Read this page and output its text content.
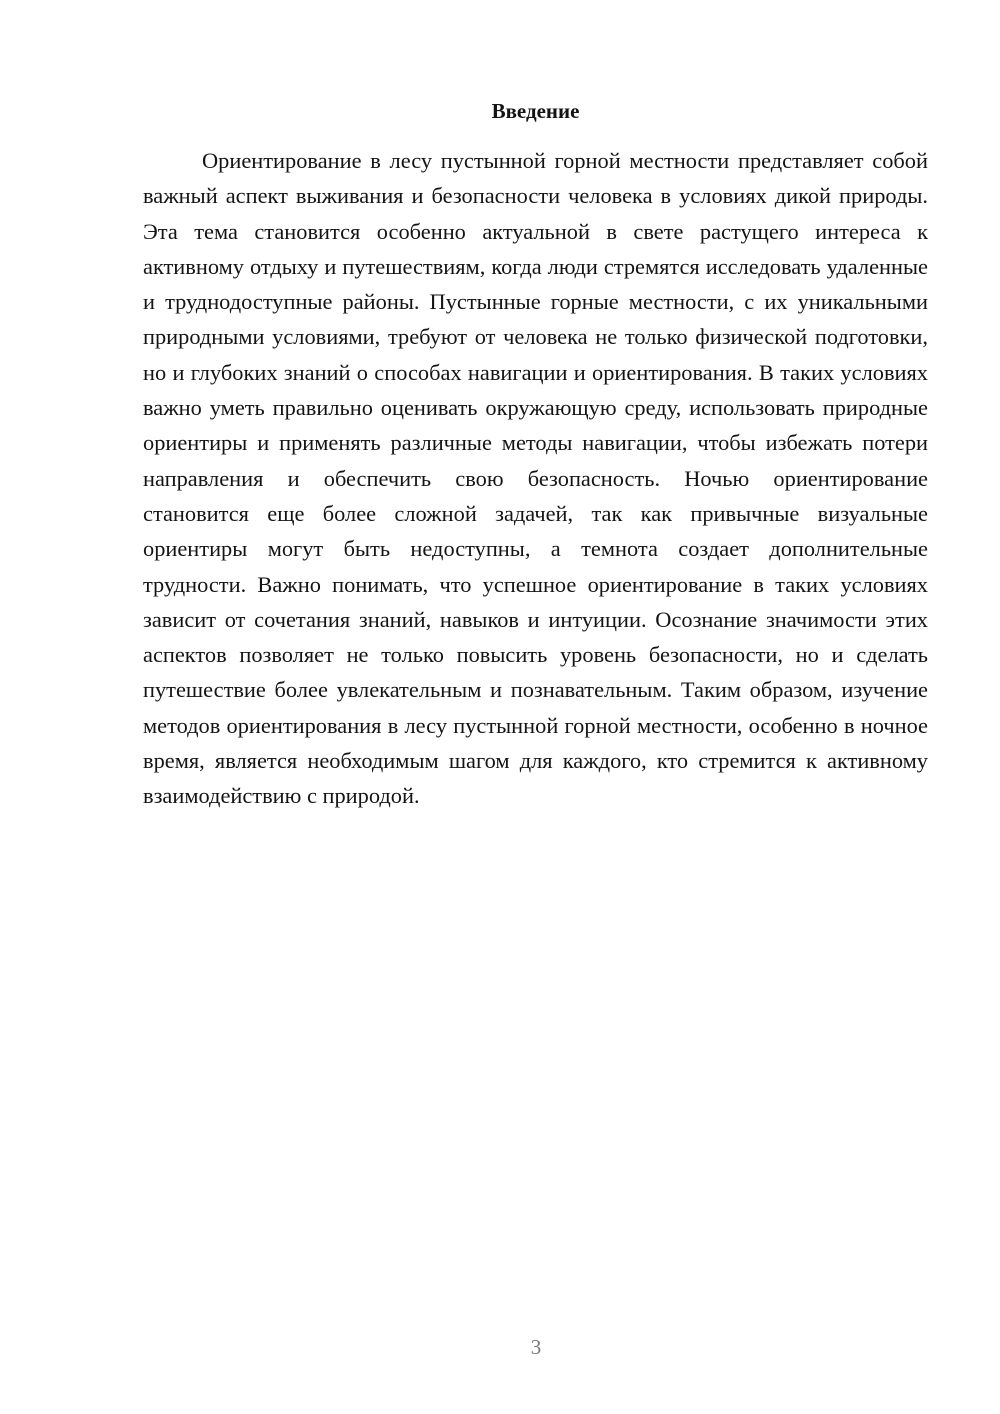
Введение

Ориентирование в лесу пустынной горной местности представляет собой важный аспект выживания и безопасности человека в условиях дикой природы. Эта тема становится особенно актуальной в свете растущего интереса к активному отдыху и путешествиям, когда люди стремятся исследовать удаленные и труднодоступные районы. Пустынные горные местности, с их уникальными природными условиями, требуют от человека не только физической подготовки, но и глубоких знаний о способах навигации и ориентирования. В таких условиях важно уметь правильно оценивать окружающую среду, использовать природные ориентиры и применять различные методы навигации, чтобы избежать потери направления и обеспечить свою безопасность. Ночью ориентирование становится еще более сложной задачей, так как привычные визуальные ориентиры могут быть недоступны, а темнота создает дополнительные трудности. Важно понимать, что успешное ориентирование в таких условиях зависит от сочетания знаний, навыков и интуиции. Осознание значимости этих аспектов позволяет не только повысить уровень безопасности, но и сделать путешествие более увлекательным и познавательным. Таким образом, изучение методов ориентирования в лесу пустынной горной местности, особенно в ночное время, является необходимым шагом для каждого, кто стремится к активному взаимодействию с природой.

3
